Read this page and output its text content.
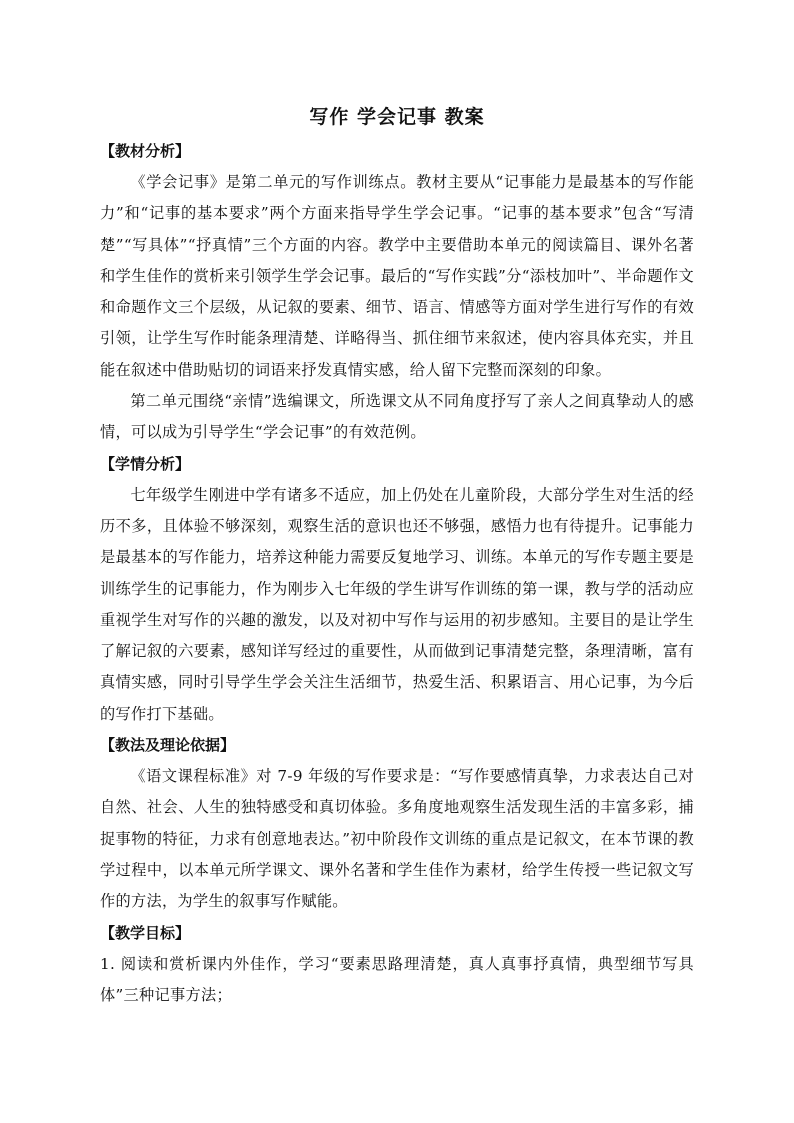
写作 学会记事 教案
【教材分析】

《学会记事》是第二单元的写作训练点。教材主要从“记事能力是最基本的写作能力”和“记事的基本要求”两个方面来指导学生学会记事。“记事的基本要求”包含“写清楚”“写具体”“抒真情”三个方面的内容。教学中主要借助本单元的阅读篇目、课外名著和学生佳作的赏析来引领学生学会记事。最后的“写作实践”分“添枝加叶”、半命题作文和命题作文三个层级，从记叙的要素、细节、语言、情感等方面对学生进行写作的有效引领，让学生写作时能条理清楚、详略得当、抓住细节来叙述，使内容具体充实，并且能在叙述中借助贴切的词语来抒发真情实感，给人留下完整而深刻的印象。

第二单元围绕“亲情”选编课文，所选课文从不同角度抒写了亲人之间真挚动人的感情，可以成为引导学生“学会记事”的有效范例。

【学情分析】

七年级学生刚进中学有诸多不适应，加上仍处在儿童阶段，大部分学生对生活的经历不多，且体验不够深刻，观察生活的意识也还不够强，感悟力也有待提升。记事能力是最基本的写作能力，培养这种能力需要反复地学习、训练。本单元的写作专题主要是训练学生的记事能力，作为刚步入七年级的学生讲写作训练的第一课，教与学的活动应重视学生对写作的兴趣的激发，以及对初中写作与运用的初步感知。主要目的是让学生了解记叙的六要素，感知详写经过的重要性，从而做到记事清楚完整，条理清晰，富有真情实感，同时引导学生学会关注生活细节，热爱生活、积累语言、用心记事，为今后的写作打下基础。

【教法及理论依据】

《语文课程标准》对 7-9 年级的写作要求是：“写作要感情真挚，力求表达自己对自然、社会、人生的独特感受和真切体验。多角度地观察生活发现生活的丰富多彩，捕捉事物的特征，力求有创意地表达。”初中阶段作文训练的重点是记叙文，在本节课的教学过程中，以本单元所学课文、课外名著和学生佳作为素材，给学生传授一些记叙文写作的方法，为学生的叙事写作赋能。

【教学目标】

1. 阅读和赏析课内外佳作，学习“要素思路理清楚，真人真事抒真情，典型细节写具体”三种记事方法；
